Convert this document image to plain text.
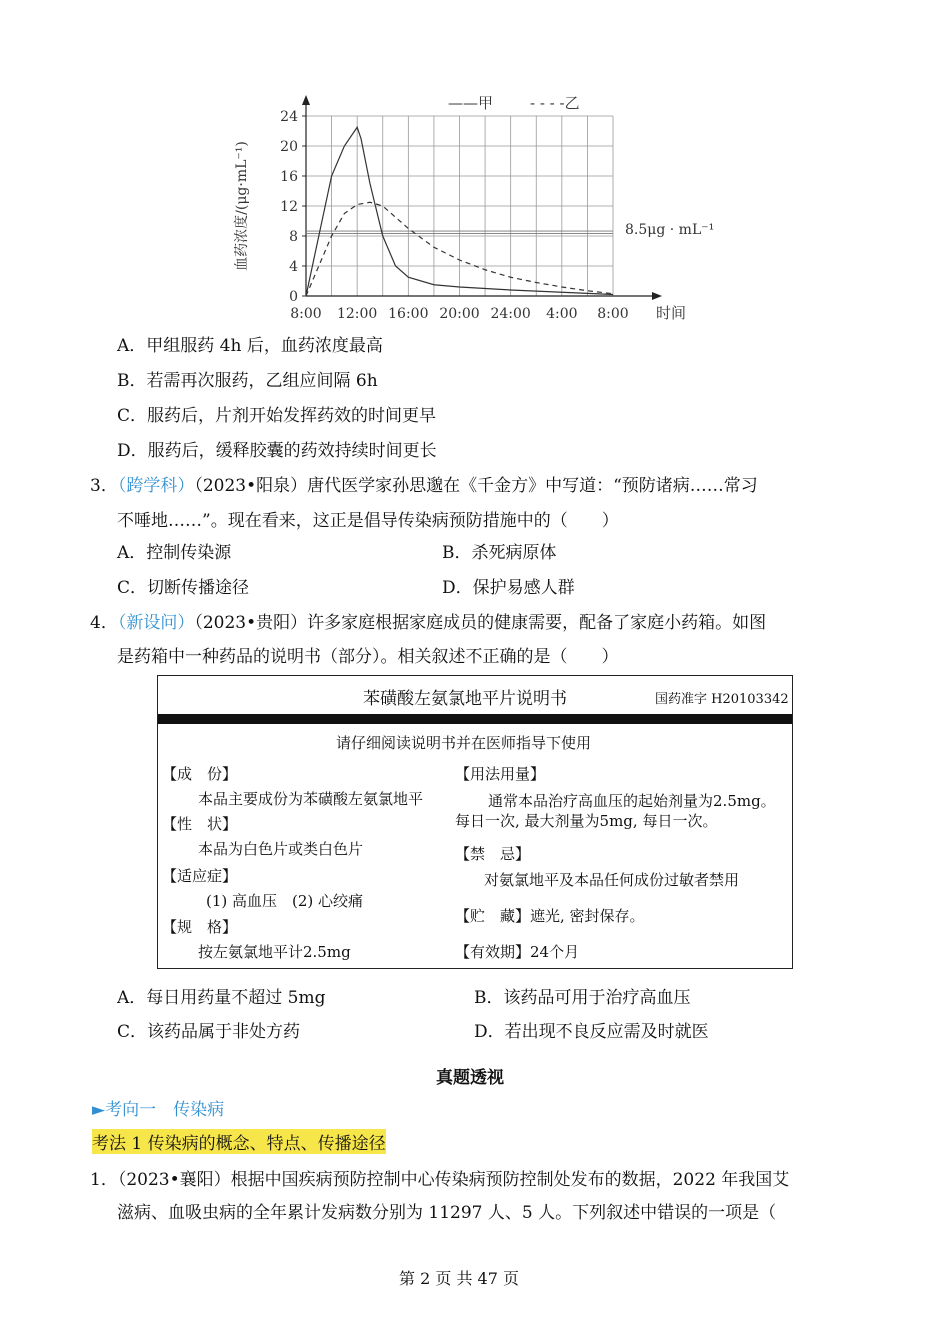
0
4
8
12
16
20
24
8:00 12:00 16:00 20:00 24:00 4:00 8:00 时间
血药浓度/(μg·mL⁻¹)	8.5μg · mL⁻¹
——甲 - - - -乙
A．甲组服药 4h 后，血药浓度最高
B．若需再次服药，乙组应间隔 6h
C．服药后，片剂开始发挥药效的时间更早
D．服药后，缓释胶囊的药效持续时间更长
3．（跨学科）（2023•阳泉）唐代医学家孙思邈在《千金方》中写道：“预防诸病……常习
不唾地……”。现在看来，这正是倡导传染病预防措施中的（　　）
A．控制传染源	B．杀死病原体
C．切断传播途径	D．保护易感人群
4．（新设问）（2023•贵阳）许多家庭根据家庭成员的健康需要，配备了家庭小药箱。如图
是药箱中一种药品的说明书（部分）。相关叙述不正确的是（　　）
苯磺酸左氨氯地平片说明书	国药准字 H20103342
请仔细阅读说明书并在医师指导下使用
【成　份】
本品主要成份为苯磺酸左氨氯地平
【性　状】
本品为白色片或类白色片
【适应症】
(1) 高血压　(2) 心绞痛
【规　格】
按左氨氯地平计2.5mg
【用法用量】
通常本品治疗高血压的起始剂量为2.5mg。
每日一次, 最大剂量为5mg, 每日一次。
【禁　忌】
对氨氯地平及本品任何成份过敏者禁用
【贮　藏】遮光, 密封保存。
【有效期】24个月
A．每日用药量不超过 5mg	B．该药品可用于治疗高血压
C．该药品属于非处方药	D．若出现不良反应需及时就医
真题透视
►考向一　传染病
考法 1 传染病的概念、特点、传播途径
1．（2023•襄阳）根据中国疾病预防控制中心传染病预防控制处发布的数据，2022 年我国艾
滋病、血吸虫病的全年累计发病数分别为 11297 人、5 人。下列叙述中错误的一项是（
第 2 页 共 47 页
